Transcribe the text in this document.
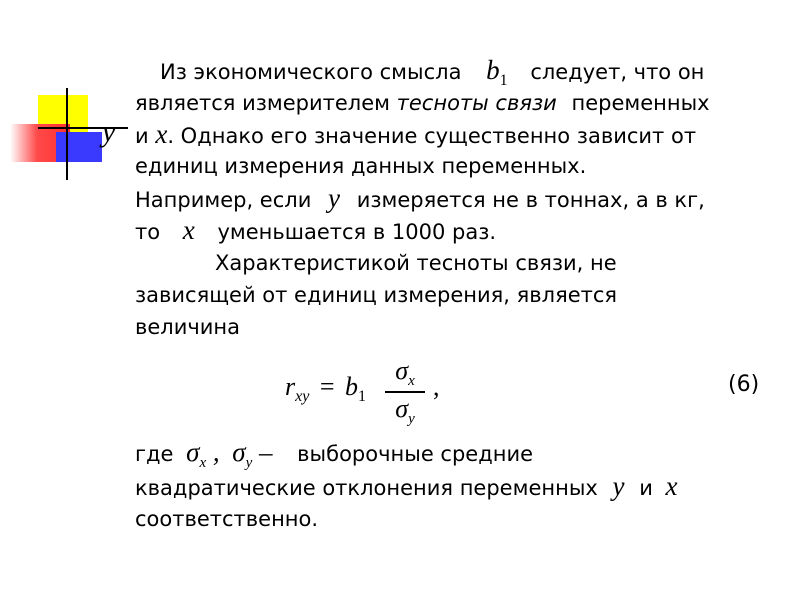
Из экономического смысла $b_1$ следует, что он
является измерителем тесноты связи переменных
y и x. Однако его значение существенно зависит от
единиц измерения данных переменных.
Например, если y измеряется не в тоннах, а в кг,
то x уменьшается в 1000 раз.
Характеристикой тесноты связи, не
зависящей от единиц измерения, является
величина
$r_{xy} = b_1$
$\sigma_x$
$\sigma_y$
,	(6)
где $\sigma_x$ , $\sigma_y$ – выборочные средние
квадратические отклонения переменных y и x
соответственно.
